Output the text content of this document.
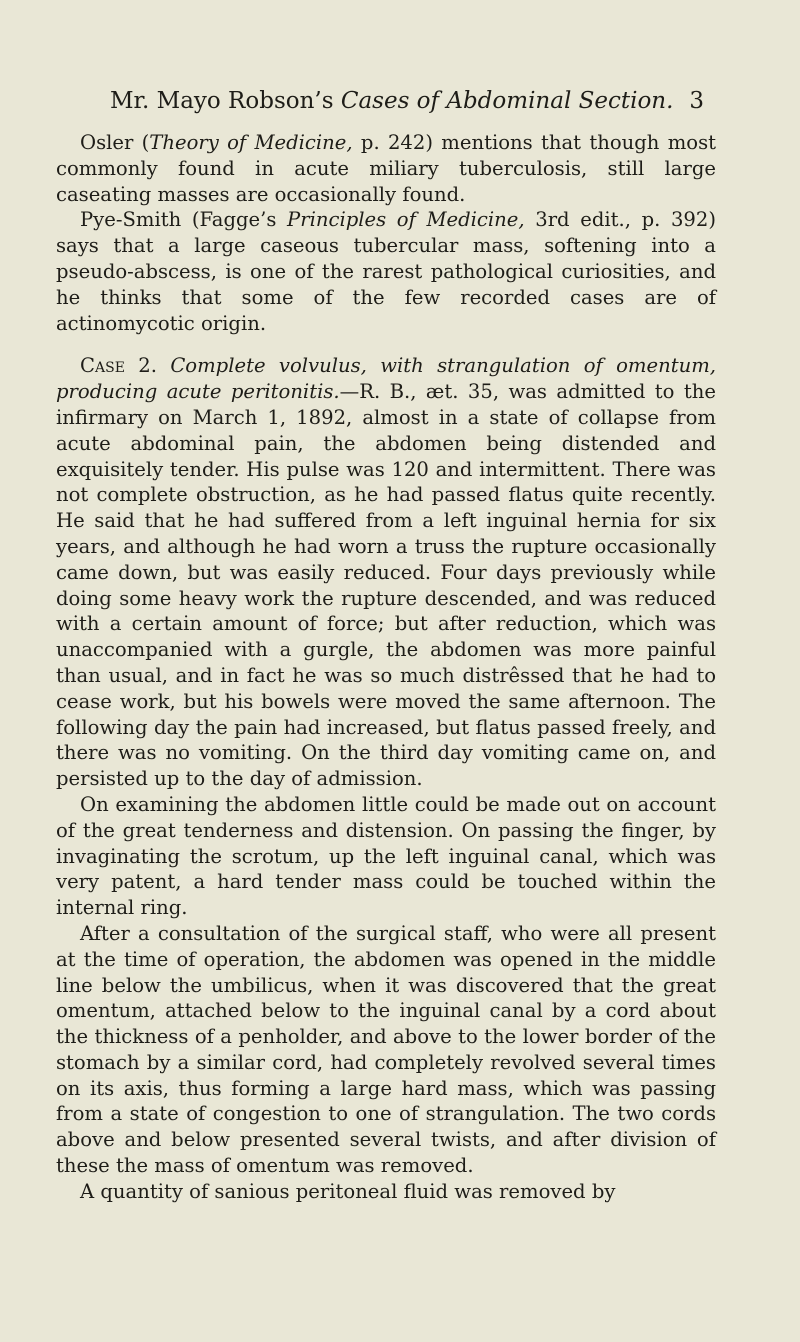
Mr. Mayo Robson’s Cases of Abdominal Section. 3

Osler (Theory of Medicine, p. 242) mentions that though most commonly found in acute miliary tuberculosis, still large caseating masses are occasionally found.

Pye-Smith (Fagge’s Principles of Medicine, 3rd edit., p. 392) says that a large caseous tubercular mass, softening into a pseudo-abscess, is one of the rarest pathological curiosities, and he thinks that some of the few recorded cases are of actinomycotic origin.

Case 2. Complete volvulus, with strangulation of omentum, producing acute peritonitis.—R. B., æt. 35, was admitted to the infirmary on March 1, 1892, almost in a state of collapse from acute abdominal pain, the abdomen being distended and exquisitely tender. His pulse was 120 and intermittent. There was not complete obstruction, as he had passed flatus quite recently. He said that he had suffered from a left inguinal hernia for six years, and although he had worn a truss the rupture occasionally came down, but was easily reduced. Four days previously while doing some heavy work the rupture descended, and was reduced with a certain amount of force; but after reduction, which was unaccompanied with a gurgle, the abdomen was more painful than usual, and in fact he was so much distrêssed that he had to cease work, but his bowels were moved the same afternoon. The following day the pain had increased, but flatus passed freely, and there was no vomiting. On the third day vomiting came on, and persisted up to the day of admission.

On examining the abdomen little could be made out on account of the great tenderness and distension. On passing the finger, by invaginating the scrotum, up the left inguinal canal, which was very patent, a hard tender mass could be touched within the internal ring.

After a consultation of the surgical staff, who were all present at the time of operation, the abdomen was opened in the middle line below the umbilicus, when it was discovered that the great omentum, attached below to the inguinal canal by a cord about the thickness of a penholder, and above to the lower border of the stomach by a similar cord, had completely revolved several times on its axis, thus forming a large hard mass, which was passing from a state of congestion to one of strangulation. The two cords above and below presented several twists, and after division of these the mass of omentum was removed.

A quantity of sanious peritoneal fluid was removed by
